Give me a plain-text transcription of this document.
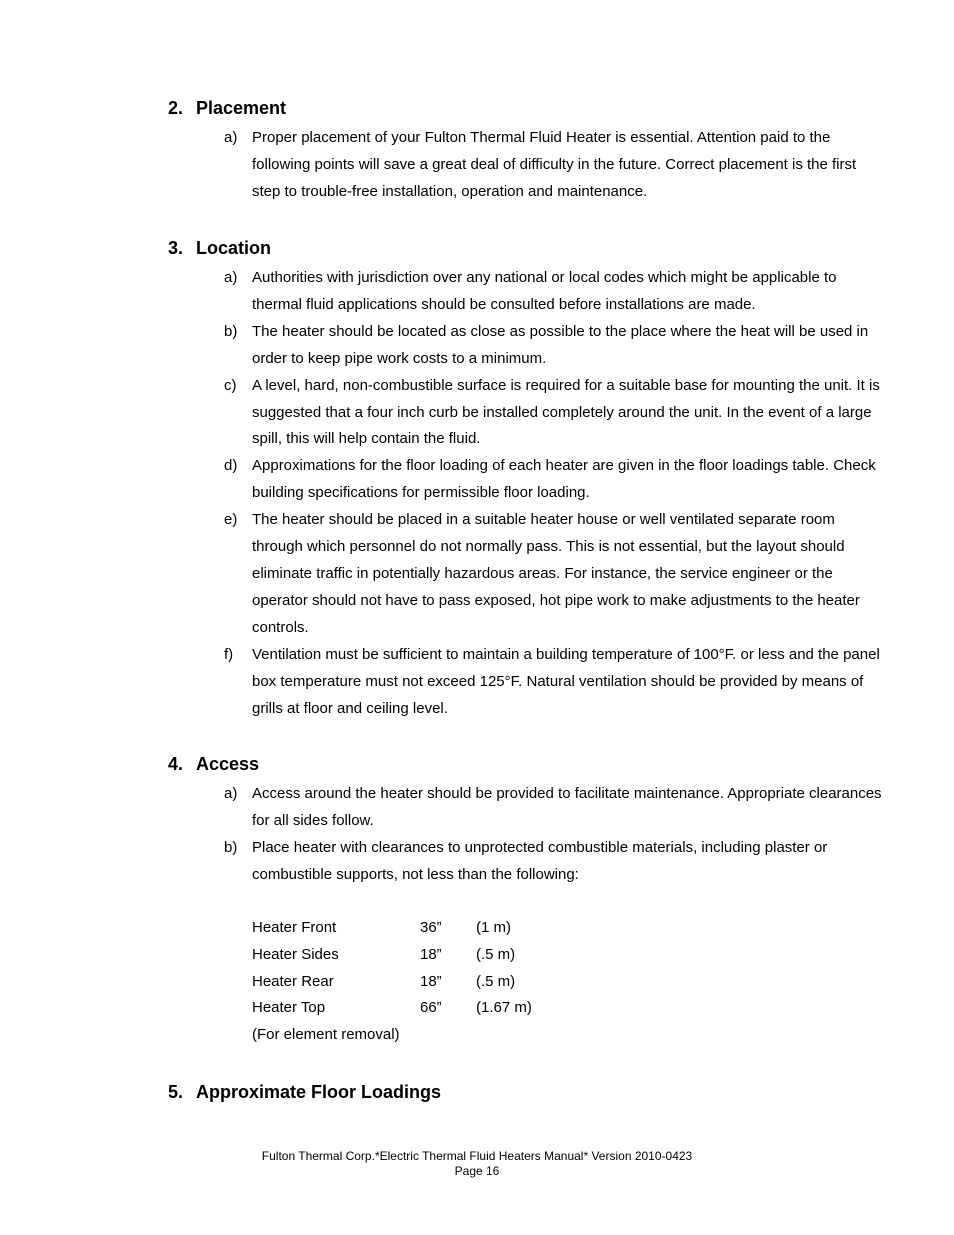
2. Placement
a) Proper placement of your Fulton Thermal Fluid Heater is essential. Attention paid to the following points will save a great deal of difficulty in the future. Correct placement is the first step to trouble-free installation, operation and maintenance.
3. Location
a) Authorities with jurisdiction over any national or local codes which might be applicable to thermal fluid applications should be consulted before installations are made.
b) The heater should be located as close as possible to the place where the heat will be used in order to keep pipe work costs to a minimum.
c) A level, hard, non-combustible surface is required for a suitable base for mounting the unit. It is suggested that a four inch curb be installed completely around the unit. In the event of a large spill, this will help contain the fluid.
d) Approximations for the floor loading of each heater are given in the floor loadings table. Check building specifications for permissible floor loading.
e) The heater should be placed in a suitable heater house or well ventilated separate room through which personnel do not normally pass. This is not essential, but the layout should eliminate traffic in potentially hazardous areas. For instance, the service engineer or the operator should not have to pass exposed, hot pipe work to make adjustments to the heater controls.
f) Ventilation must be sufficient to maintain a building temperature of 100°F. or less and the panel box temperature must not exceed 125°F. Natural ventilation should be provided by means of grills at floor and ceiling level.
4. Access
a) Access around the heater should be provided to facilitate maintenance. Appropriate clearances for all sides follow.
b) Place heater with clearances to unprotected combustible materials, including plaster or combustible supports, not less than the following:
Heater Front	36” (1 m)
Heater Sides	18” (.5 m)
Heater Rear	18” (.5 m)
Heater Top	66” (1.67 m)
(For element removal)
5. Approximate Floor Loadings
Fulton Thermal Corp.*Electric Thermal Fluid Heaters Manual* Version 2010-0423
Page 16
